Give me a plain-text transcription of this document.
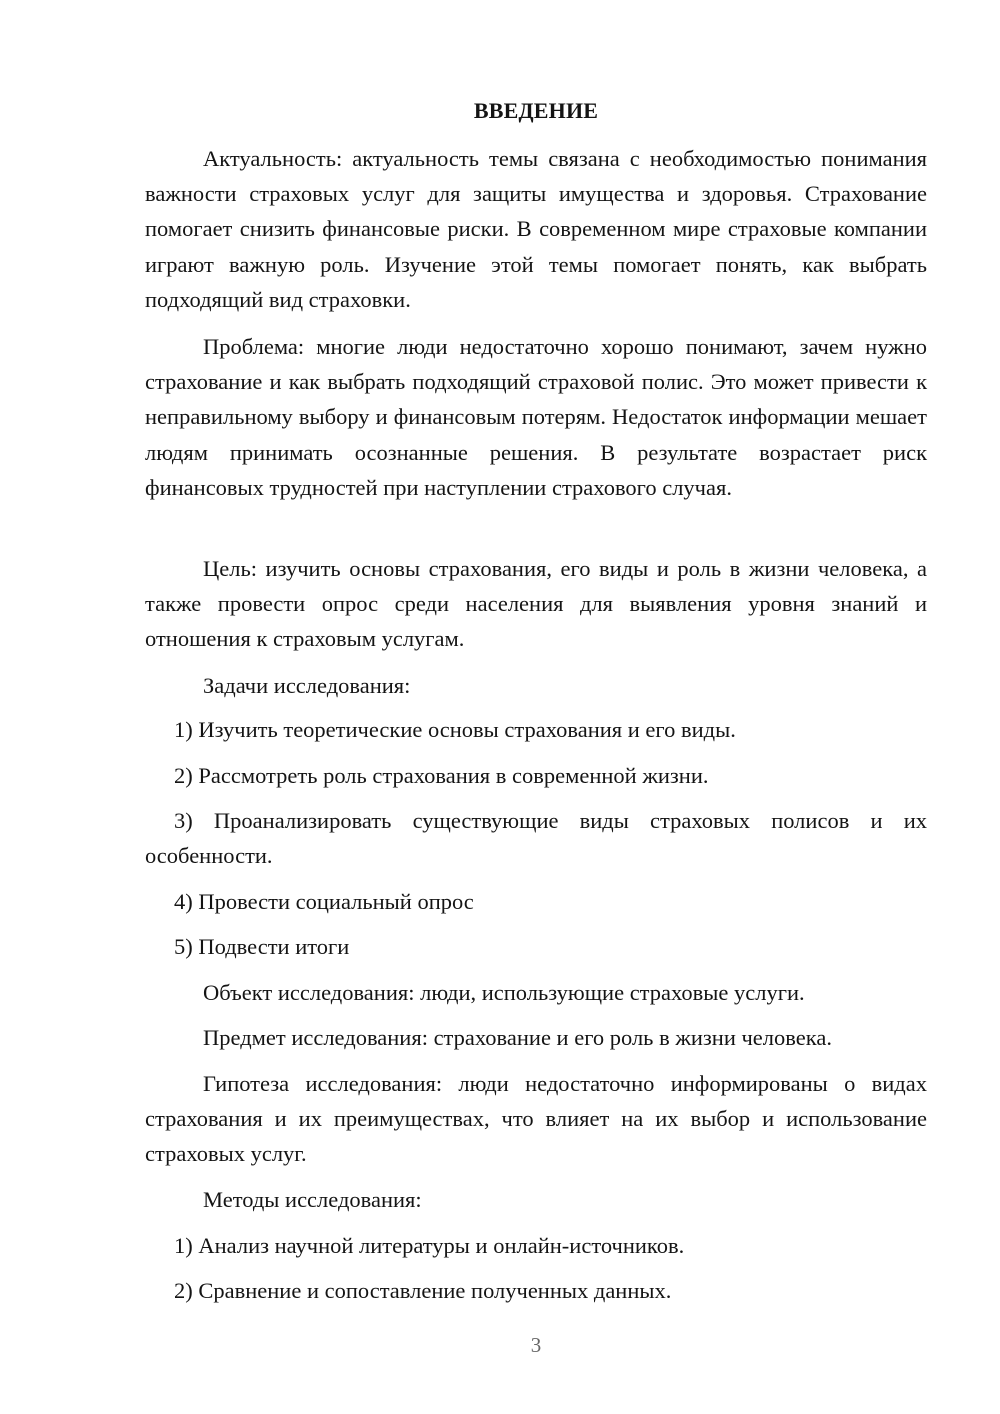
ВВЕДЕНИЕ

Актуальность: актуальность темы связана с необходимостью понимания важности страховых услуг для защиты имущества и здоровья. Страхование помогает снизить финансовые риски. В современном мире страховые компании играют важную роль. Изучение этой темы помогает понять, как выбрать подходящий вид страховки.

Проблема: многие люди недостаточно хорошо понимают, зачем нужно страхование и как выбрать подходящий страховой полис. Это может привести к неправильному выбору и финансовым потерям. Недостаток информации мешает людям принимать осознанные решения. В результате возрастает риск финансовых трудностей при наступлении страхового случая.

Цель: изучить основы страхования, его виды и роль в жизни человека, а также провести опрос среди населения для выявления уровня знаний и отношения к страховым услугам.

Задачи исследования:

1) Изучить теоретические основы страхования и его виды.

2) Рассмотреть роль страхования в современной жизни.

3) Проанализировать существующие виды страховых полисов и их особенности.

4) Провести социальный опрос

5) Подвести итоги

Объект исследования: люди, использующие страховые услуги.

Предмет исследования: страхование и его роль в жизни человека.

Гипотеза исследования: люди недостаточно информированы о видах страхования и их преимуществах, что влияет на их выбор и использование страховых услуг.

Методы исследования:

1) Анализ научной литературы и онлайн-источников.

2) Сравнение и сопоставление полученных данных.

3
